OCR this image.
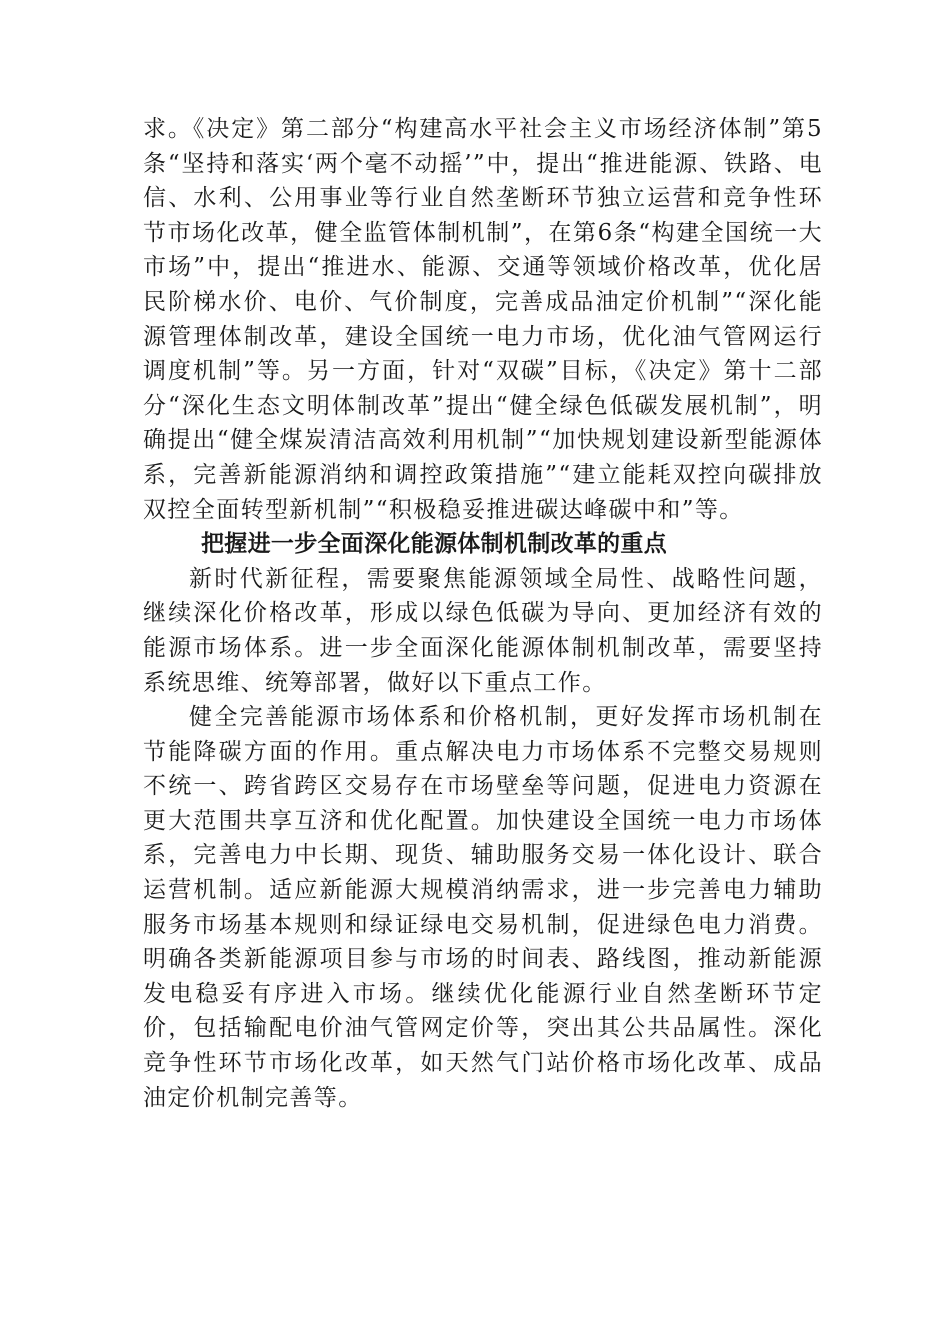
求。《决定》第二部分“构建高水平社会主义市场经济体制”第5条“坚持和落实‘两个毫不动摇’”中，提出“推进能源、铁路、电信、水利、公用事业等行业自然垄断环节独立运营和竞争性环节市场化改革，健全监管体制机制”，在第6条“构建全国统一大市场”中，提出“推进水、能源、交通等领域价格改革，优化居民阶梯水价、电价、气价制度，完善成品油定价机制”“深化能源管理体制改革，建设全国统一电力市场，优化油气管网运行调度机制”等。另一方面，针对“双碳”目标，《决定》第十二部分“深化生态文明体制改革”提出“健全绿色低碳发展机制”，明确提出“健全煤炭清洁高效利用机制”“加快规划建设新型能源体系，完善新能源消纳和调控政策措施”“建立能耗双控向碳排放双控全面转型新机制”“积极稳妥推进碳达峰碳中和”等。

把握进一步全面深化能源体制机制改革的重点

新时代新征程，需要聚焦能源领域全局性、战略性问题，继续深化价格改革，形成以绿色低碳为导向、更加经济有效的能源市场体系。进一步全面深化能源体制机制改革，需要坚持系统思维、统筹部署，做好以下重点工作。

健全完善能源市场体系和价格机制，更好发挥市场机制在节能降碳方面的作用。重点解决电力市场体系不完整交易规则不统一、跨省跨区交易存在市场壁垒等问题，促进电力资源在更大范围共享互济和优化配置。加快建设全国统一电力市场体系，完善电力中长期、现货、辅助服务交易一体化设计、联合运营机制。适应新能源大规模消纳需求，进一步完善电力辅助服务市场基本规则和绿证绿电交易机制，促进绿色电力消费。明确各类新能源项目参与市场的时间表、路线图，推动新能源发电稳妥有序进入市场。继续优化能源行业自然垄断环节定价，包括输配电价油气管网定价等，突出其公共品属性。深化竞争性环节市场化改革，如天然气门站价格市场化改革、成品油定价机制完善等。
